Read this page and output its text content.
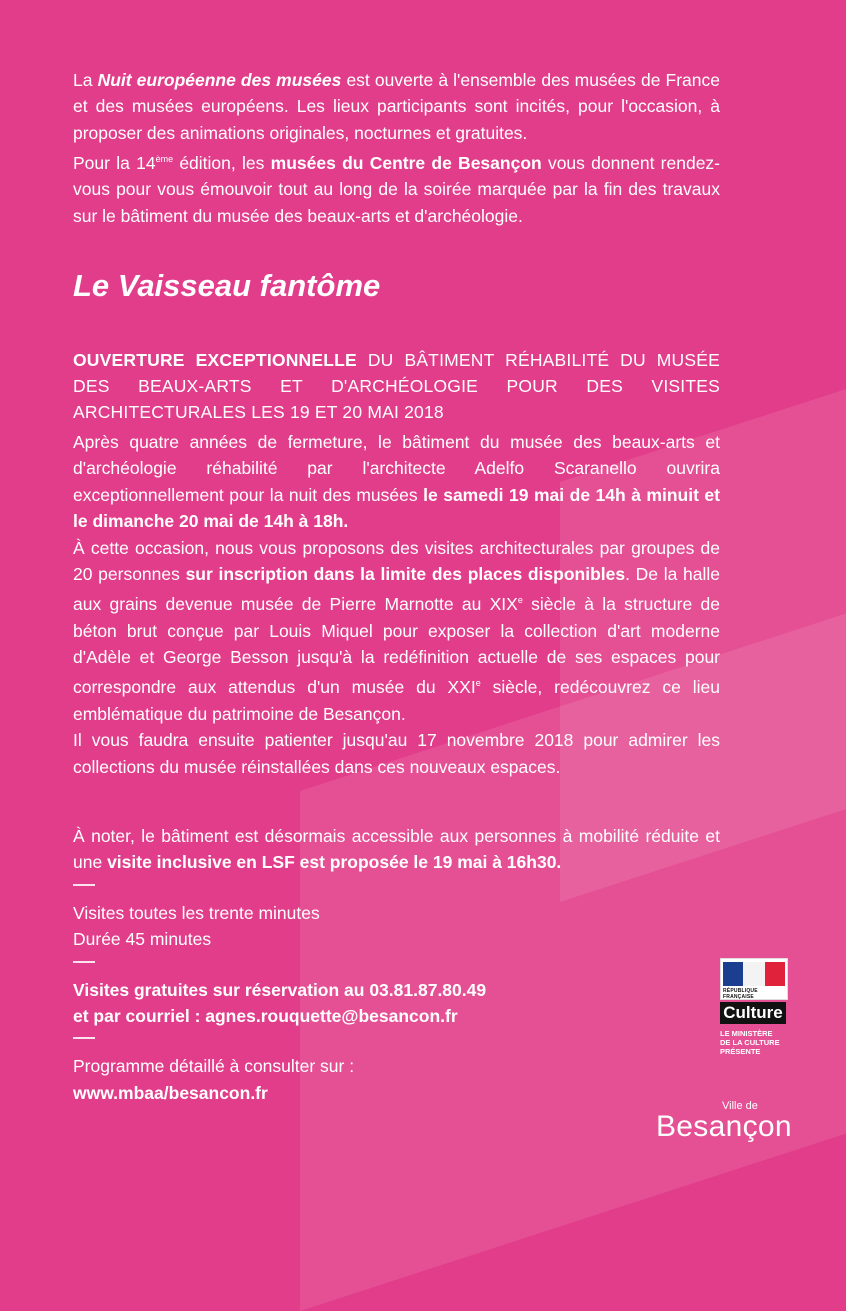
La Nuit européenne des musées est ouverte à l'ensemble des musées de France et des musées européens. Les lieux participants sont incités, pour l'occasion, à proposer des animations originales, nocturnes et gratuites.
Pour la 14ème édition, les musées du Centre de Besançon vous donnent rendez-vous pour vous émouvoir tout au long de la soirée marquée par la fin des travaux sur le bâtiment du musée des beaux-arts et d'archéologie.

Le Vaisseau fantôme

OUVERTURE EXCEPTIONNELLE DU BÂTIMENT RÉHABILITÉ DU MUSÉE DES BEAUX-ARTS ET D'ARCHÉOLOGIE POUR DES VISITES ARCHITECTURALES LES 19 ET 20 MAI 2018

Après quatre années de fermeture, le bâtiment du musée des beaux-arts et d'archéologie réhabilité par l'architecte Adelfo Scaranello ouvrira exceptionnellement pour la nuit des musées le samedi 19 mai de 14h à minuit et le dimanche 20 mai de 14h à 18h.

À cette occasion, nous vous proposons des visites architecturales par groupes de 20 personnes sur inscription dans la limite des places disponibles. De la halle aux grains devenue musée de Pierre Marnotte au XIXe siècle à la structure de béton brut conçue par Louis Miquel pour exposer la collection d'art moderne d'Adèle et George Besson jusqu'à la redéfinition actuelle de ses espaces pour correspondre aux attendus d'un musée du XXIe siècle, redécouvrez ce lieu emblématique du patrimoine de Besançon.

Il vous faudra ensuite patienter jusqu'au 17 novembre 2018 pour admirer les collections du musée réinstallées dans ces nouveaux espaces.

À noter, le bâtiment est désormais accessible aux personnes à mobilité réduite et une visite inclusive en LSF est proposée le 19 mai à 16h30.

Visites toutes les trente minutes

Durée 45 minutes

Visites gratuites sur réservation au 03.81.87.80.49

et par courriel : agnes.rouquette@besancon.fr

Programme détaillé à consulter sur :

www.mbaa/besancon.fr

RÉPUBLIQUE FRANÇAISE
Culture
LE MINISTÈRE
DE LA CULTURE
PRÉSENTE
Ville de
Besançon
